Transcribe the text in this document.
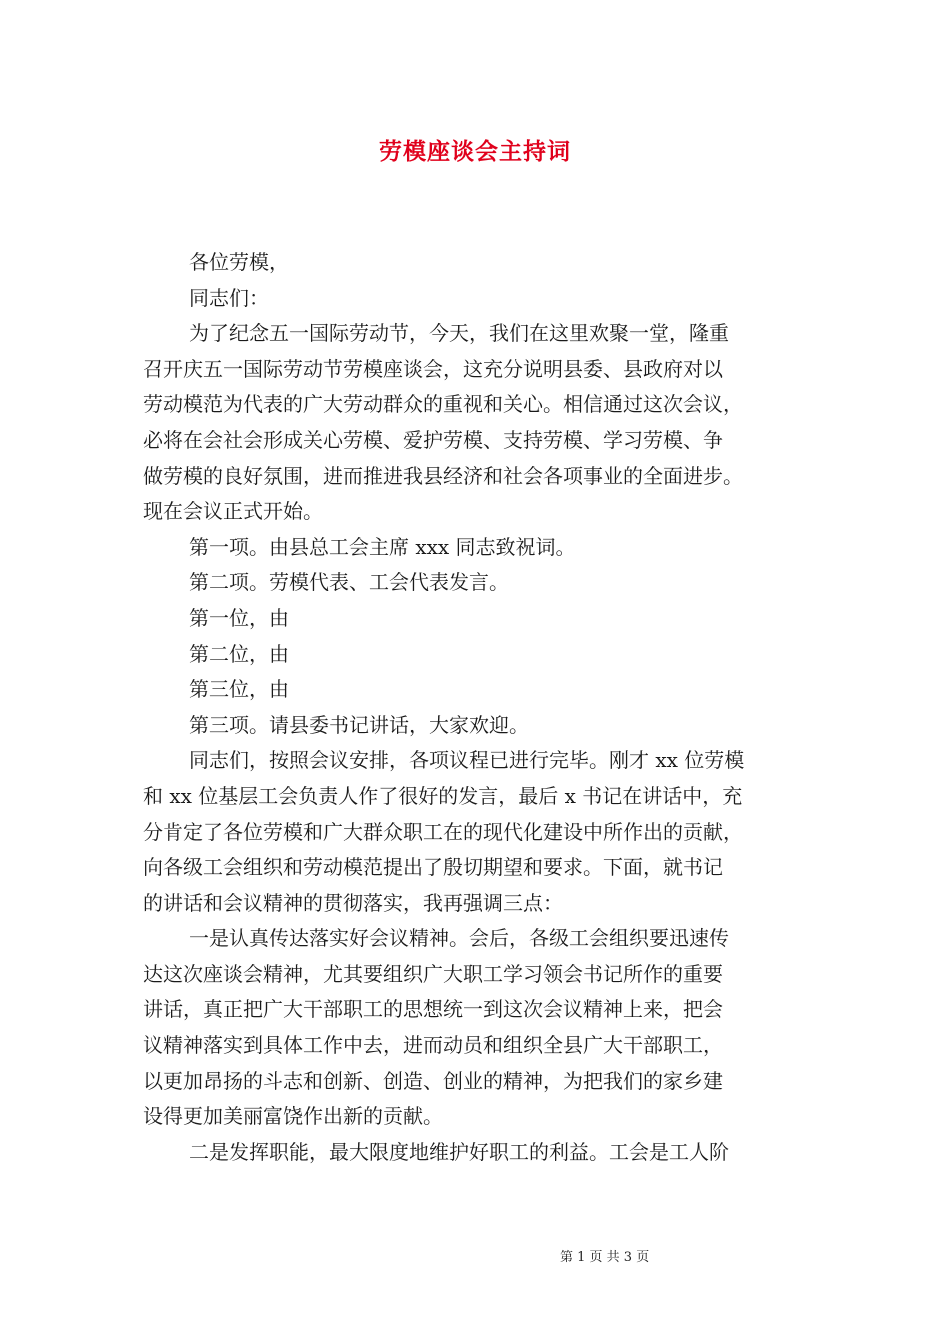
劳模座谈会主持词
各位劳模，
同志们：
为了纪念五一国际劳动节，今天，我们在这里欢聚一堂，隆重
召开庆五一国际劳动节劳模座谈会，这充分说明县委、县政府对以
劳动模范为代表的广大劳动群众的重视和关心。相信通过这次会议，
必将在会社会形成关心劳模、爱护劳模、支持劳模、学习劳模、争
做劳模的良好氛围，进而推进我县经济和社会各项事业的全面进步。
现在会议正式开始。
第一项。由县总工会主席 xxx 同志致祝词。
第二项。劳模代表、工会代表发言。
第一位，由
第二位，由
第三位，由
第三项。请县委书记讲话，大家欢迎。
同志们，按照会议安排，各项议程已进行完毕。刚才 xx 位劳模
和 xx 位基层工会负责人作了很好的发言，最后 x 书记在讲话中，充
分肯定了各位劳模和广大群众职工在的现代化建设中所作出的贡献，
向各级工会组织和劳动模范提出了殷切期望和要求。下面，就书记
的讲话和会议精神的贯彻落实，我再强调三点：
一是认真传达落实好会议精神。会后，各级工会组织要迅速传
达这次座谈会精神，尤其要组织广大职工学习领会书记所作的重要
讲话，真正把广大干部职工的思想统一到这次会议精神上来，把会
议精神落实到具体工作中去，进而动员和组织全县广大干部职工，
以更加昂扬的斗志和创新、创造、创业的精神，为把我们的家乡建
设得更加美丽富饶作出新的贡献。
二是发挥职能，最大限度地维护好职工的利益。工会是工人阶
第 1 页 共 3 页
